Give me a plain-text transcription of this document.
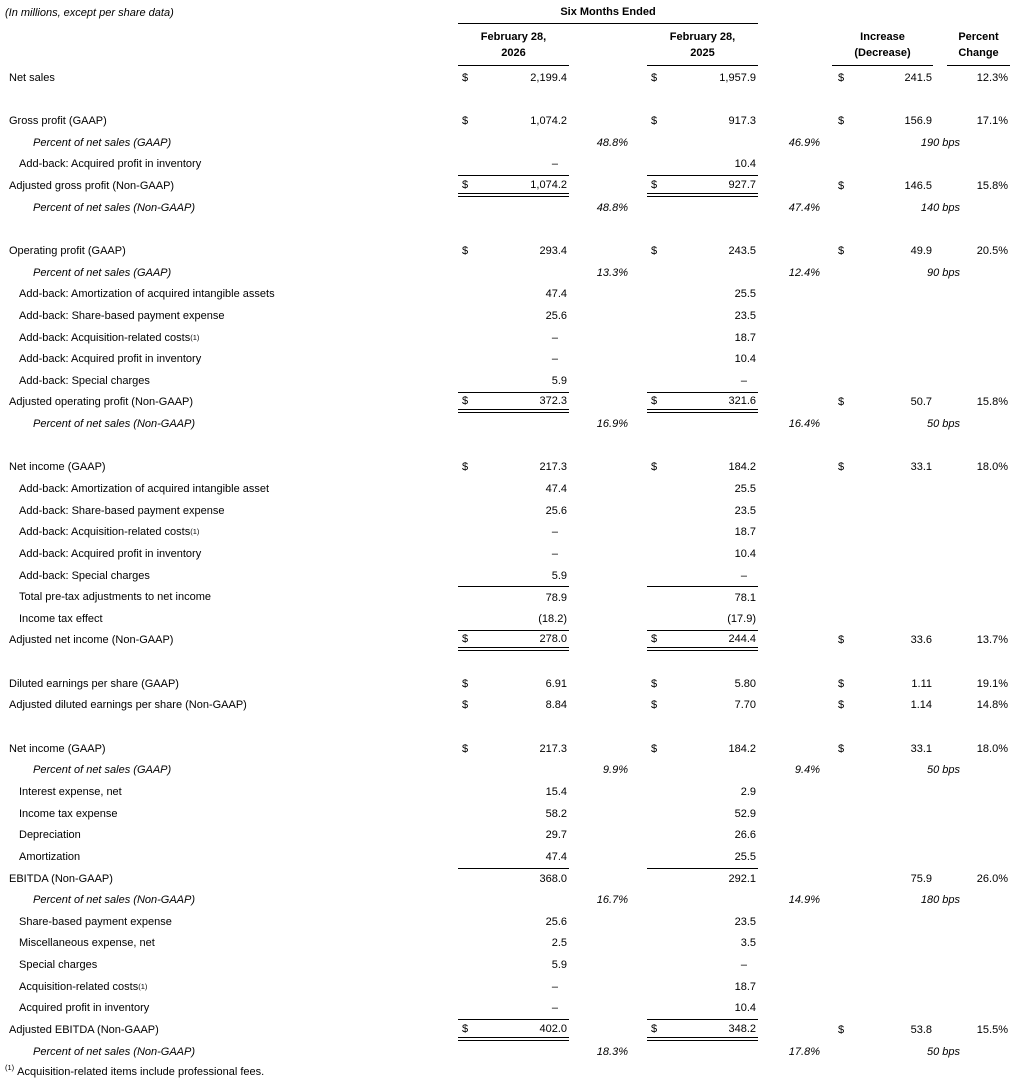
(In millions, except per share data)	Six Months Ended
February 28,
2026
February 28,
2025
Increase
(Decrease)
Percent
Change
Net sales	$	2,199.4	$	1,957.9	$	241.5	12.3%
Gross profit (GAAP)	$	1,074.2	$	917.3	$	156.9	17.1%
Percent of net sales (GAAP)	48.8%	46.9%	190 bps
Add-back: Acquired profit in inventory	–	10.4
Adjusted gross profit (Non-GAAP)	$	1,074.2	$	927.7	$	146.5	15.8%
Percent of net sales (Non-GAAP)	48.8%	47.4%	140 bps
Operating profit (GAAP)	$	293.4	$	243.5	$	49.9	20.5%
Percent of net sales (GAAP)	13.3%	12.4%	90 bps
Add-back: Amortization of acquired intangible assets	47.4	25.5
Add-back: Share-based payment expense	25.6	23.5
Add-back: Acquisition-related costs (1)	–	18.7
Add-back: Acquired profit in inventory	–	10.4
Add-back: Special charges	5.9	–
Adjusted operating profit (Non-GAAP)	$	372.3	$	321.6	$	50.7	15.8%
Percent of net sales (Non-GAAP)	16.9%	16.4%	50 bps
Net income (GAAP)	$	217.3	$	184.2	$	33.1	18.0%
Add-back: Amortization of acquired intangible asset	47.4	25.5
Add-back: Share-based payment expense	25.6	23.5
Add-back: Acquisition-related costs (1)	–	18.7
Add-back: Acquired profit in inventory	–	10.4
Add-back: Special charges	5.9	–
Total pre-tax adjustments to net income	78.9	78.1
Income tax effect	(18.2)	(17.9)
Adjusted net income (Non-GAAP)	$	278.0	$	244.4	$	33.6	13.7%
Diluted earnings per share (GAAP)	$	6.91	$	5.80	$	1.11	19.1%
Adjusted diluted earnings per share (Non-GAAP)	$	8.84	$	7.70	$	1.14	14.8%
Net income (GAAP)	$	217.3	$	184.2	$	33.1	18.0%
Percent of net sales (GAAP)	9.9%	9.4%	50 bps
Interest expense, net	15.4	2.9
Income tax expense	58.2	52.9
Depreciation	29.7	26.6
Amortization	47.4	25.5
EBITDA (Non-GAAP)	368.0	292.1	75.9	26.0%
Percent of net sales (Non-GAAP)	16.7%	14.9%	180 bps
Share-based payment expense	25.6	23.5
Miscellaneous expense, net	2.5	3.5
Special charges	5.9	–
Acquisition-related costs (1)	–	18.7
Acquired profit in inventory	–	10.4
Adjusted EBITDA (Non-GAAP)	$	402.0	$	348.2	$	53.8	15.5%
Percent of net sales (Non-GAAP)	18.3%	17.8%	50 bps
$^{(1)}$ Acquisition-related items include professional fees.
